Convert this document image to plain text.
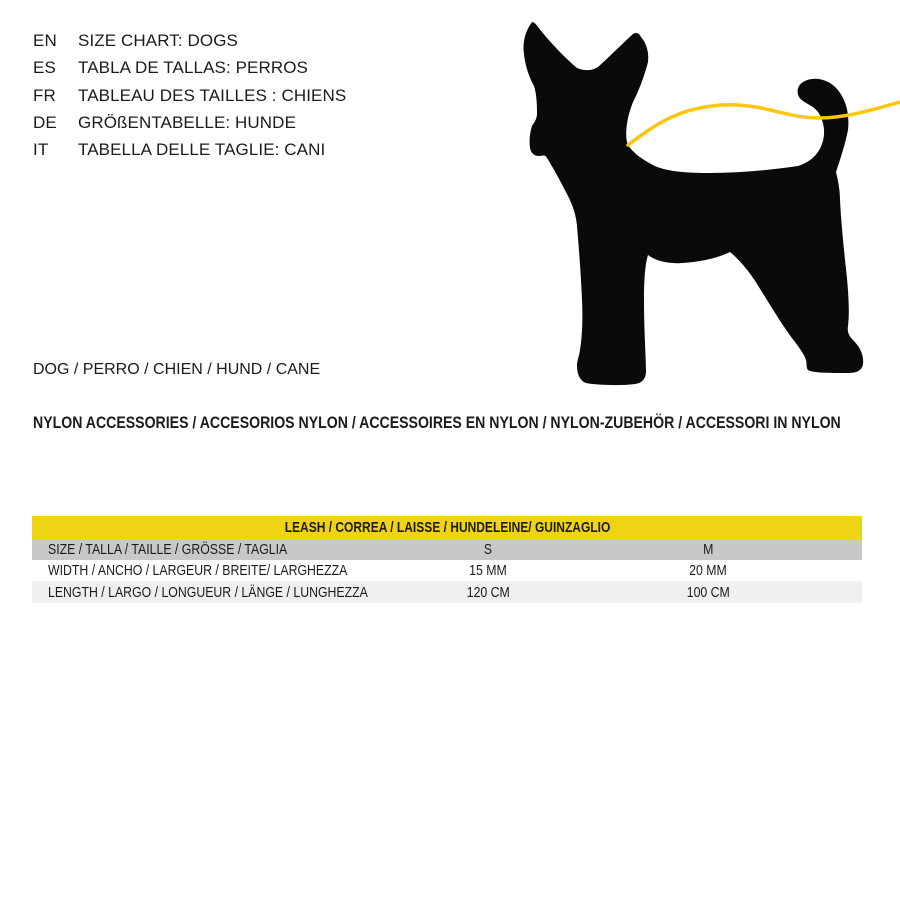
EN	SIZE CHART: DOGS
ES	TABLA DE TALLAS: PERROS
FR	TABLEAU DES TAILLES : CHIENS
DE	GRÖßENTABELLE: HUNDE
IT	TABELLA DELLE TAGLIE: CANI
DOG / PERRO / CHIEN / HUND / CANE
NYLON ACCESSORIES / ACCESORIOS NYLON / ACCESSOIRES EN NYLON / NYLON-ZUBEHÖR / ACCESSORI IN NYLON
LEASH / CORREA / LAISSE / HUNDELEINE/ GUINZAGLIO
SIZE / TALLA / TAILLE / GRÖSSE / TAGLIA	S	M
WIDTH / ANCHO / LARGEUR / BREITE/ LARGHEZZA	15 MM	20 MM
LENGTH / LARGO / LONGUEUR / LÄNGE / LUNGHEZZA	120 CM	100 CM
